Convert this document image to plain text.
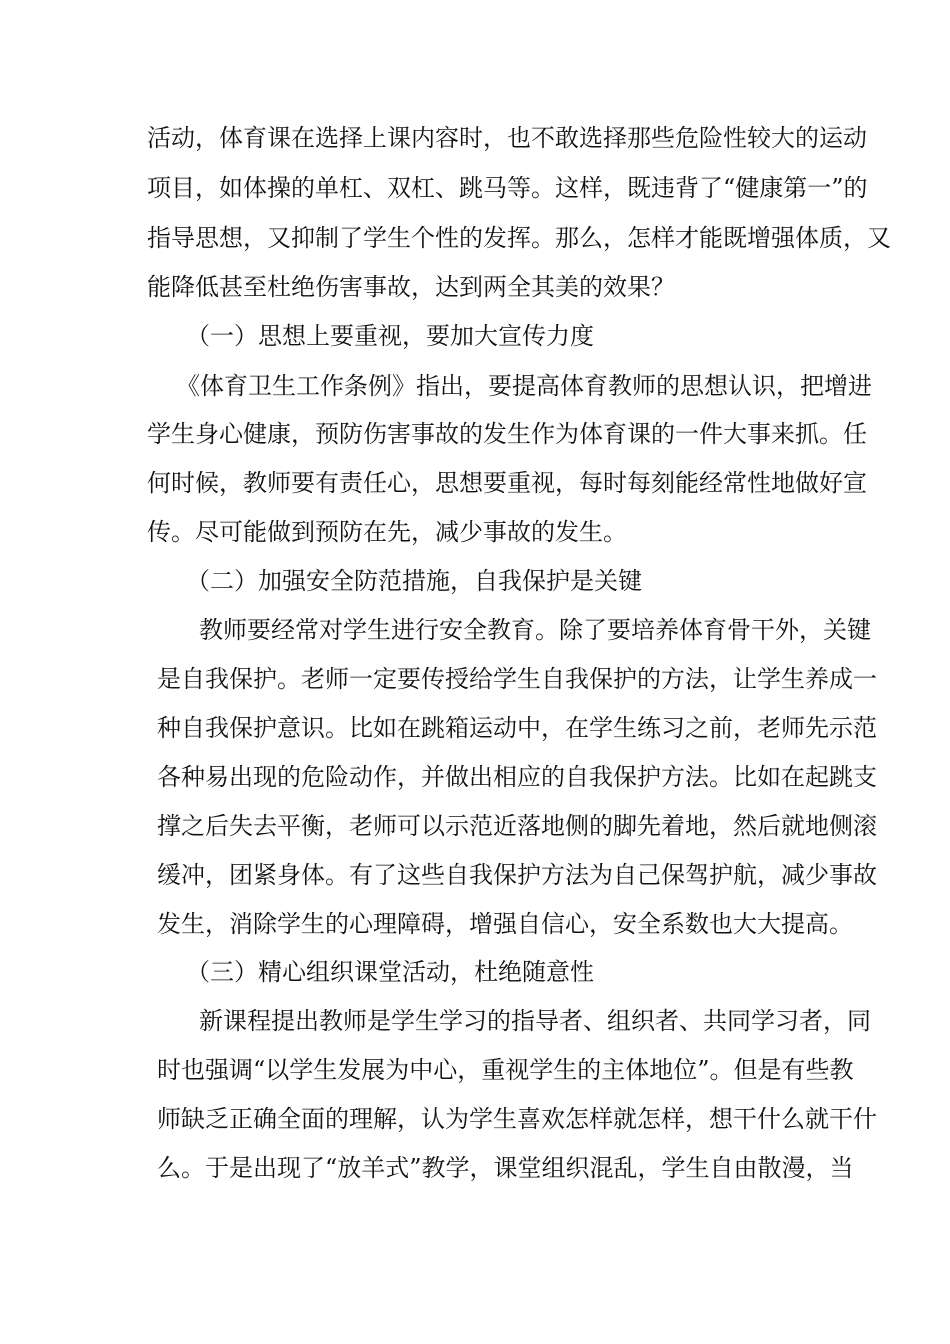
活动，体育课在选择上课内容时，也不敢选择那些危险性较大的运动
项目，如体操的单杠、双杠、跳马等。这样，既违背了“健康第一”的
指导思想，又抑制了学生个性的发挥。那么，怎样才能既增强体质，又
能降低甚至杜绝伤害事故，达到两全其美的效果？
（一）思想上要重视，要加大宣传力度
《体育卫生工作条例》指出，要提高体育教师的思想认识，把增进
学生身心健康，预防伤害事故的发生作为体育课的一件大事来抓。任
何时候，教师要有责任心，思想要重视，每时每刻能经常性地做好宣
传。尽可能做到预防在先，减少事故的发生。
（二）加强安全防范措施，自我保护是关键
教师要经常对学生进行安全教育。除了要培养体育骨干外，关键
是自我保护。老师一定要传授给学生自我保护的方法，让学生养成一
种自我保护意识。比如在跳箱运动中，在学生练习之前，老师先示范
各种易出现的危险动作，并做出相应的自我保护方法。比如在起跳支
撑之后失去平衡，老师可以示范近落地侧的脚先着地，然后就地侧滚
缓冲，团紧身体。有了这些自我保护方法为自己保驾护航，减少事故
发生，消除学生的心理障碍，增强自信心，安全系数也大大提高。
（三）精心组织课堂活动，杜绝随意性
新课程提出教师是学生学习的指导者、组织者、共同学习者，同
时也强调“以学生发展为中心，重视学生的主体地位”。但是有些教
师缺乏正确全面的理解，认为学生喜欢怎样就怎样，想干什么就干什
么。于是出现了“放羊式”教学，课堂组织混乱，学生自由散漫，当
